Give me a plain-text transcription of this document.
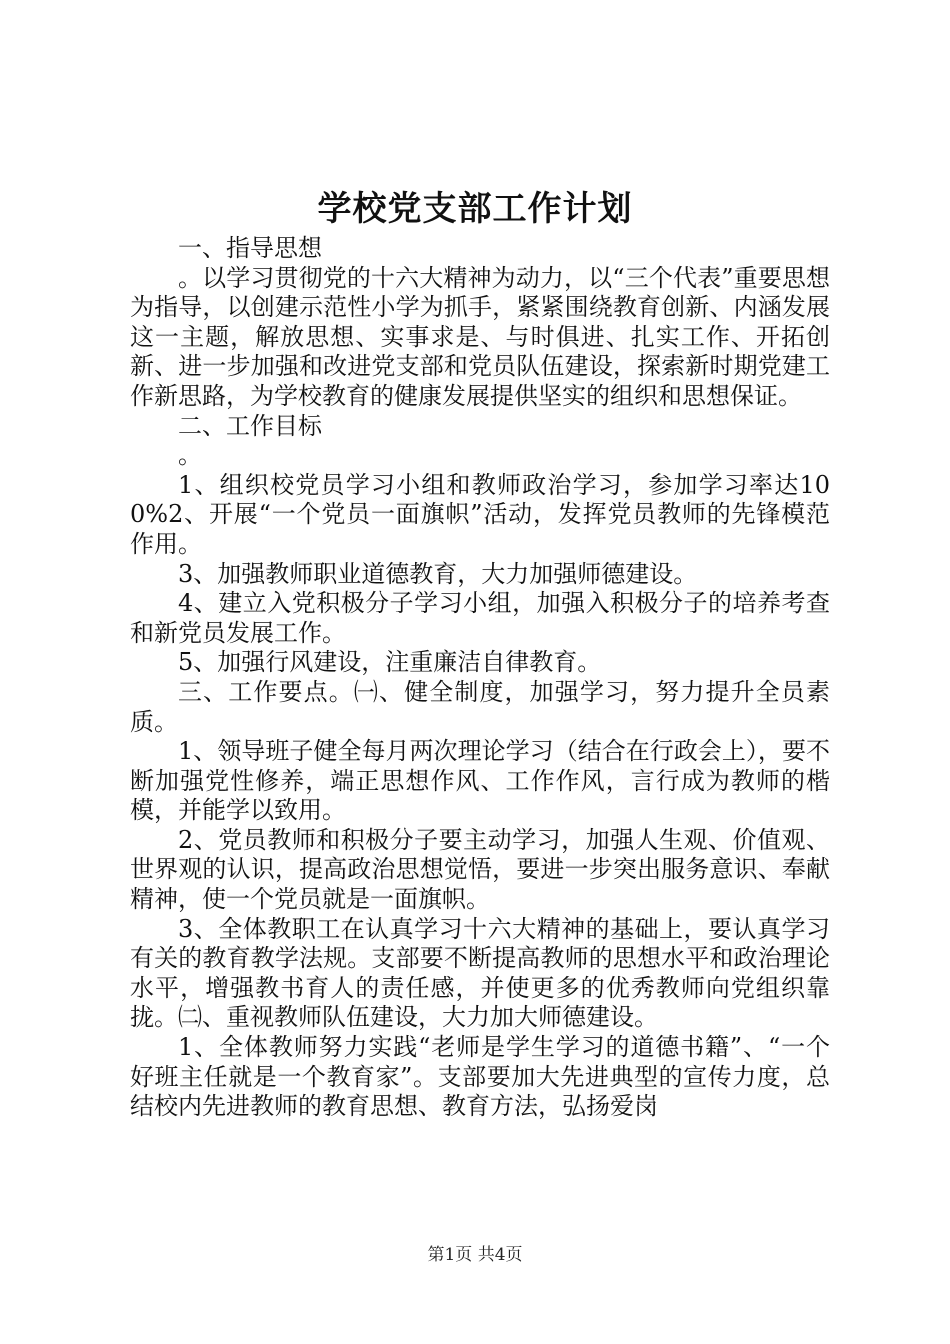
学校党支部工作计划

一、指导思想

。以学习贯彻党的十六大精神为动力，以“三个代表”重要思想为指导，以创建示范性小学为抓手，紧紧围绕教育创新、内涵发展这一主题，解放思想、实事求是、与时俱进、扎实工作、开拓创新、进一步加强和改进党支部和党员队伍建设，探索新时期党建工作新思路，为学校教育的健康发展提供坚实的组织和思想保证。

二、工作目标

。

1、组织校党员学习小组和教师政治学习，参加学习率达100%2、开展“一个党员一面旗帜”活动，发挥党员教师的先锋模范作用。

3、加强教师职业道德教育，大力加强师德建设。

4、建立入党积极分子学习小组，加强入积极分子的培养考查和新党员发展工作。

5、加强行风建设，注重廉洁自律教育。

三、工作要点。㈠、健全制度，加强学习，努力提升全员素质。

1、领导班子健全每月两次理论学习（结合在行政会上），要不断加强党性修养，端正思想作风、工作作风，言行成为教师的楷模，并能学以致用。

2、党员教师和积极分子要主动学习，加强人生观、价值观、世界观的认识，提高政治思想觉悟，要进一步突出服务意识、奉献精神，使一个党员就是一面旗帜。

3、全体教职工在认真学习十六大精神的基础上，要认真学习有关的教育教学法规。支部要不断提高教师的思想水平和政治理论水平，增强教书育人的责任感，并使更多的优秀教师向党组织靠拢。㈡、重视教师队伍建设，大力加大师德建设。

1、全体教师努力实践“老师是学生学习的道德书籍”、“一个好班主任就是一个教育家”。支部要加大先进典型的宣传力度，总结校内先进教师的教育思想、教育方法，弘扬爱岗

第1页 共4页
